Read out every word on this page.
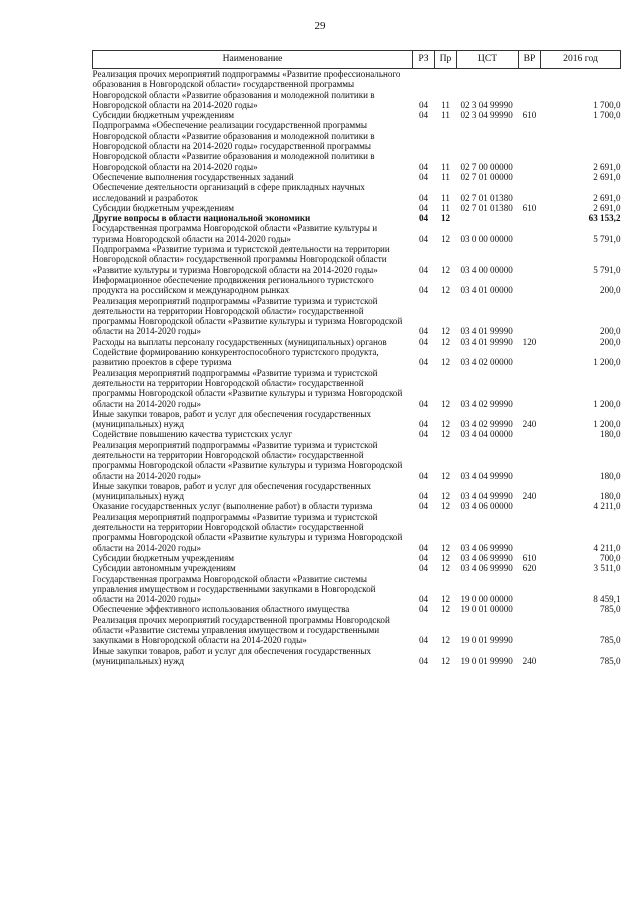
29
Наименование	РЗ	Пр	ЦСТ	ВР	2016 год
Реализация прочих мероприятий подпрограммы «Развитие профессионального образования в Новгородской области» государственной программы Новгородской области «Развитие образования и молодежной политики в Новгородской области на 2014-2020 годы»	04	11	02 3 04 99990		1 700,0
Субсидии бюджетным учреждениям	04	11	02 3 04 99990	610	1 700,0
Подпрограмма «Обеспечение реализации государственной программы Новгородской области «Развитие образования и молодежной политики в Новгородской области на 2014-2020 годы» государственной программы Новгородской области «Развитие образования и молодежной политики в Новгородской области на 2014-2020 годы»	04	11	02 7 00 00000		2 691,0
Обеспечение выполнения государственных заданий	04	11	02 7 01 00000		2 691,0
Обеспечение деятельности организаций в сфере прикладных научных исследований и разработок	04	11	02 7 01 01380		2 691,0
Субсидии бюджетным учреждениям	04	11	02 7 01 01380	610	2 691,0
Другие вопросы в области национальной экономики	04	12			63 153,2
Государственная программа Новгородской области «Развитие культуры и туризма Новгородской области на 2014-2020 годы»	04	12	03 0 00 00000		5 791,0
Подпрограмма «Развитие туризма и туристской деятельности на территории Новгородской области» государственной программы Новгородской области «Развитие культуры и туризма Новгородской области на 2014-2020 годы»	04	12	03 4 00 00000		5 791,0
Информационное обеспечение продвижения регионального туристского продукта на российском и международном рынках	04	12	03 4 01 00000		200,0
Реализация мероприятий подпрограммы «Развитие туризма и туристской деятельности на территории Новгородской области» государственной программы Новгородской области «Развитие культуры и туризма Новгородской области на 2014-2020 годы»	04	12	03 4 01 99990		200,0
Расходы на выплаты персоналу государственных (муниципальных) органов	04	12	03 4 01 99990	120	200,0
Содействие формированию конкурентоспособного туристского продукта, развитию проектов в сфере туризма	04	12	03 4 02 00000		1 200,0
Реализация мероприятий подпрограммы «Развитие туризма и туристской деятельности на территории Новгородской области» государственной программы Новгородской области «Развитие культуры и туризма Новгородской области на 2014-2020 годы»	04	12	03 4 02 99990		1 200,0
Иные закупки товаров, работ и услуг для обеспечения государственных (муниципальных) нужд	04	12	03 4 02 99990	240	1 200,0
Содействие повышению качества туристских услуг	04	12	03 4 04 00000		180,0
Реализация мероприятий подпрограммы «Развитие туризма и туристской деятельности на территории Новгородской области» государственной программы Новгородской области «Развитие культуры и туризма Новгородской области на 2014-2020 годы»	04	12	03 4 04 99990		180,0
Иные закупки товаров, работ и услуг для обеспечения государственных (муниципальных) нужд	04	12	03 4 04 99990	240	180,0
Оказание государственных услуг (выполнение работ) в области туризма	04	12	03 4 06 00000		4 211,0
Реализация мероприятий подпрограммы «Развитие туризма и туристской деятельности на территории Новгородской области» государственной программы Новгородской области «Развитие культуры и туризма Новгородской области на 2014-2020 годы»	04	12	03 4 06 99990		4 211,0
Субсидии бюджетным учреждениям	04	12	03 4 06 99990	610	700,0
Субсидии автономным учреждениям	04	12	03 4 06 99990	620	3 511,0
Государственная программа Новгородской области «Развитие системы управления имуществом и государственными закупками в Новгородской области на 2014-2020 годы»	04	12	19 0 00 00000		8 459,1
Обеспечение эффективного использования областного имущества	04	12	19 0 01 00000		785,0
Реализация прочих мероприятий государственной программы Новгородской области «Развитие системы управления имуществом и государственными закупками в Новгородской области на 2014-2020 годы»	04	12	19 0 01 99990		785,0
Иные закупки товаров, работ и услуг для обеспечения государственных (муниципальных) нужд	04	12	19 0 01 99990	240	785,0
